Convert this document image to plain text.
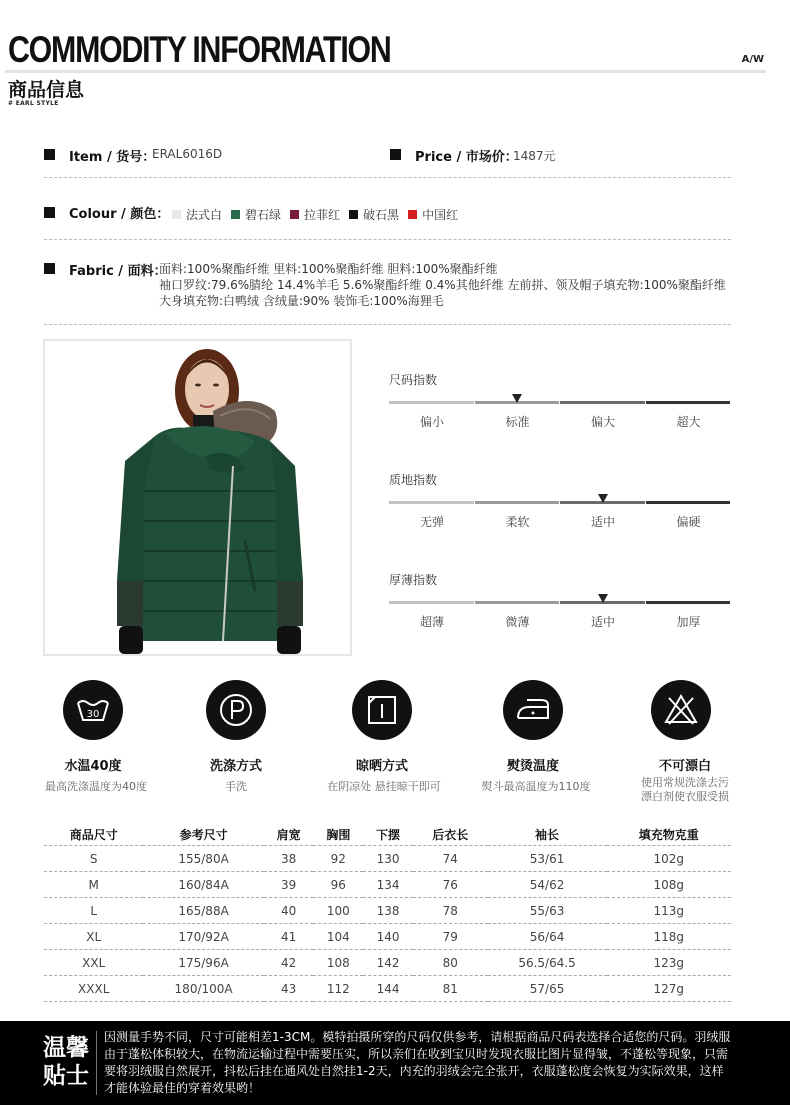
COMMODITY INFORMATION	A/W
商品信息
# EARL STYLE
Item / 货号：
ERAL6016D	Price / 市场价：
1487元
Colour / 颜色：	法式白 碧石绿 拉菲红 破石黑 中国红
Fabric / 面料：
面料:100%聚酯纤维 里料:100%聚酯纤维 胆料:100%聚酯纤维
袖口罗纹:79.6%腈纶 14.4%羊毛 5.6%聚酯纤维 0.4%其他纤维 左前拼、领及帽子填充物:100%聚酯纤维
大身填充物:白鸭绒 含绒量:90% 装饰毛:100%海狸毛
尺码指数
偏小	标准	偏大	超大
质地指数
无弹	柔软	适中	偏硬
厚薄指数
超薄	微薄	适中	加厚
30
水温40度	洗涤方式	晾晒方式	熨烫温度	不可漂白
最高洗涤温度为40度	手洗	在阴凉处 悬挂晾干即可	熨斗最高温度为110度	使用常规洗涤去污
漂白剂使衣服受损
商品尺寸	参考尺寸	肩宽	胸围	下摆	后衣长	袖长	填充物克重
S	155/80A	38	92	130	74	53/61	102g
M	160/84A	39	96	134	76	54/62	108g
L	165/88A	40	100	138	78	55/63	113g
XL	170/92A	41	104	140	79	56/64	118g
XXL	175/96A	42	108	142	80	56.5/64.5	123g
XXXL	180/100A	43	112	144	81	57/65	127g
温馨
贴士
因测量手势不同，尺寸可能相差1-3CM。模特拍摄所穿的尺码仅供参考，请根据商品尺码表选择合适您的尺码。羽绒服由于蓬松体积较大，在物流运输过程中需要压实，所以亲们在收到宝贝时发现衣服比图片显得皱，不蓬松等现象，只需要将羽绒服自然展开，抖松后挂在通风处自然挂1-2天，内充的羽绒会完全张开，衣服蓬松度会恢复为实际效果，这样才能体验最佳的穿着效果哟！
